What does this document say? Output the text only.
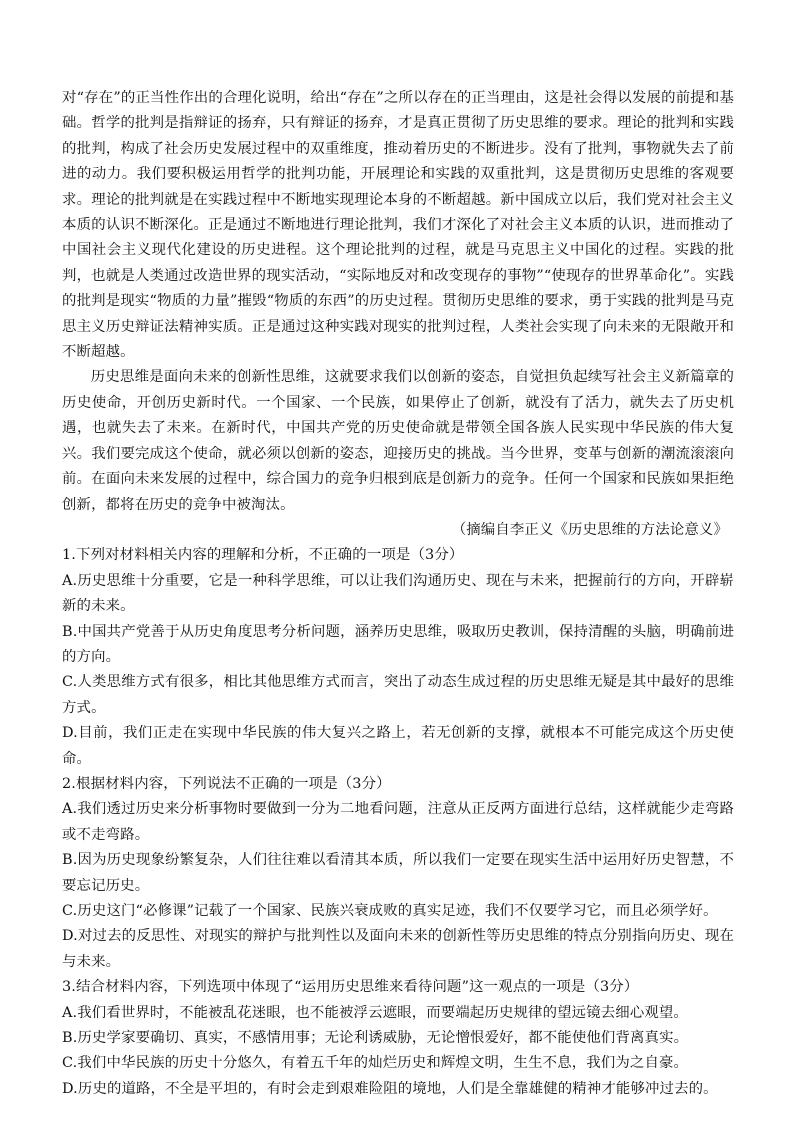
对“存在”的正当性作出的合理化说明，给出“存在”之所以存在的正当理由，这是社会得以发展的前提和基础。哲学的批判是指辩证的扬弃，只有辩证的扬弃，才是真正贯彻了历史思维的要求。理论的批判和实践的批判，构成了社会历史发展过程中的双重维度，推动着历史的不断进步。没有了批判，事物就失去了前进的动力。我们要积极运用哲学的批判功能，开展理论和实践的双重批判，这是贯彻历史思维的客观要求。理论的批判就是在实践过程中不断地实现理论本身的不断超越。新中国成立以后，我们党对社会主义本质的认识不断深化。正是通过不断地进行理论批判，我们才深化了对社会主义本质的认识，进而推动了中国社会主义现代化建设的历史进程。这个理论批判的过程，就是马克思主义中国化的过程。实践的批判，也就是人类通过改造世界的现实活动，“实际地反对和改变现存的事物”“使现存的世界革命化”。实践的批判是现实“物质的力量”摧毁“物质的东西”的历史过程。贯彻历史思维的要求，勇于实践的批判是马克思主义历史辩证法精神实质。正是通过这种实践对现实的批判过程，人类社会实现了向未来的无限敞开和不断超越。

历史思维是面向未来的创新性思维，这就要求我们以创新的姿态，自觉担负起续写社会主义新篇章的历史使命，开创历史新时代。一个国家、一个民族，如果停止了创新，就没有了活力，就失去了历史机遇，也就失去了未来。在新时代，中国共产党的历史使命就是带领全国各族人民实现中华民族的伟大复兴。我们要完成这个使命，就必须以创新的姿态，迎接历史的挑战。当今世界，变革与创新的潮流滚滚向前。在面向未来发展的过程中，综合国力的竞争归根到底是创新力的竞争。任何一个国家和民族如果拒绝创新，都将在历史的竞争中被淘汰。

（摘编自李正义《历史思维的方法论意义》

1.下列对材料相关内容的理解和分析，不正确的一项是（3分）

A.历史思维十分重要，它是一种科学思维，可以让我们沟通历史、现在与未来，把握前行的方向，开辟崭新的未来。

B.中国共产党善于从历史角度思考分析问题，涵养历史思维，吸取历史教训，保持清醒的头脑，明确前进的方向。

C.人类思维方式有很多，相比其他思维方式而言，突出了动态生成过程的历史思维无疑是其中最好的思维方式。

D.目前，我们正走在实现中华民族的伟大复兴之路上，若无创新的支撑，就根本不可能完成这个历史使命。

2.根据材料内容，下列说法不正确的一项是（3分）

A.我们透过历史来分析事物时要做到一分为二地看问题，注意从正反两方面进行总结，这样就能少走弯路或不走弯路。

B.因为历史现象纷繁复杂，人们往往难以看清其本质，所以我们一定要在现实生活中运用好历史智慧，不要忘记历史。

C.历史这门“必修课”记载了一个国家、民族兴衰成败的真实足迹，我们不仅要学习它，而且必须学好。

D.对过去的反思性、对现实的辩护与批判性以及面向未来的创新性等历史思维的特点分别指向历史、现在与未来。

3.结合材料内容，下列选项中体现了“运用历史思维来看待问题”这一观点的一项是（3分）

A.我们看世界时，不能被乱花迷眼，也不能被浮云遮眼，而要端起历史规律的望远镜去细心观望。

B.历史学家要确切、真实，不感情用事；无论利诱威胁，无论憎恨爱好，都不能使他们背离真实。

C.我们中华民族的历史十分悠久，有着五千年的灿烂历史和辉煌文明，生生不息，我们为之自豪。

D.历史的道路，不全是平坦的，有时会走到艰难险阻的境地，人们是全靠雄健的精神才能够冲过去的。
